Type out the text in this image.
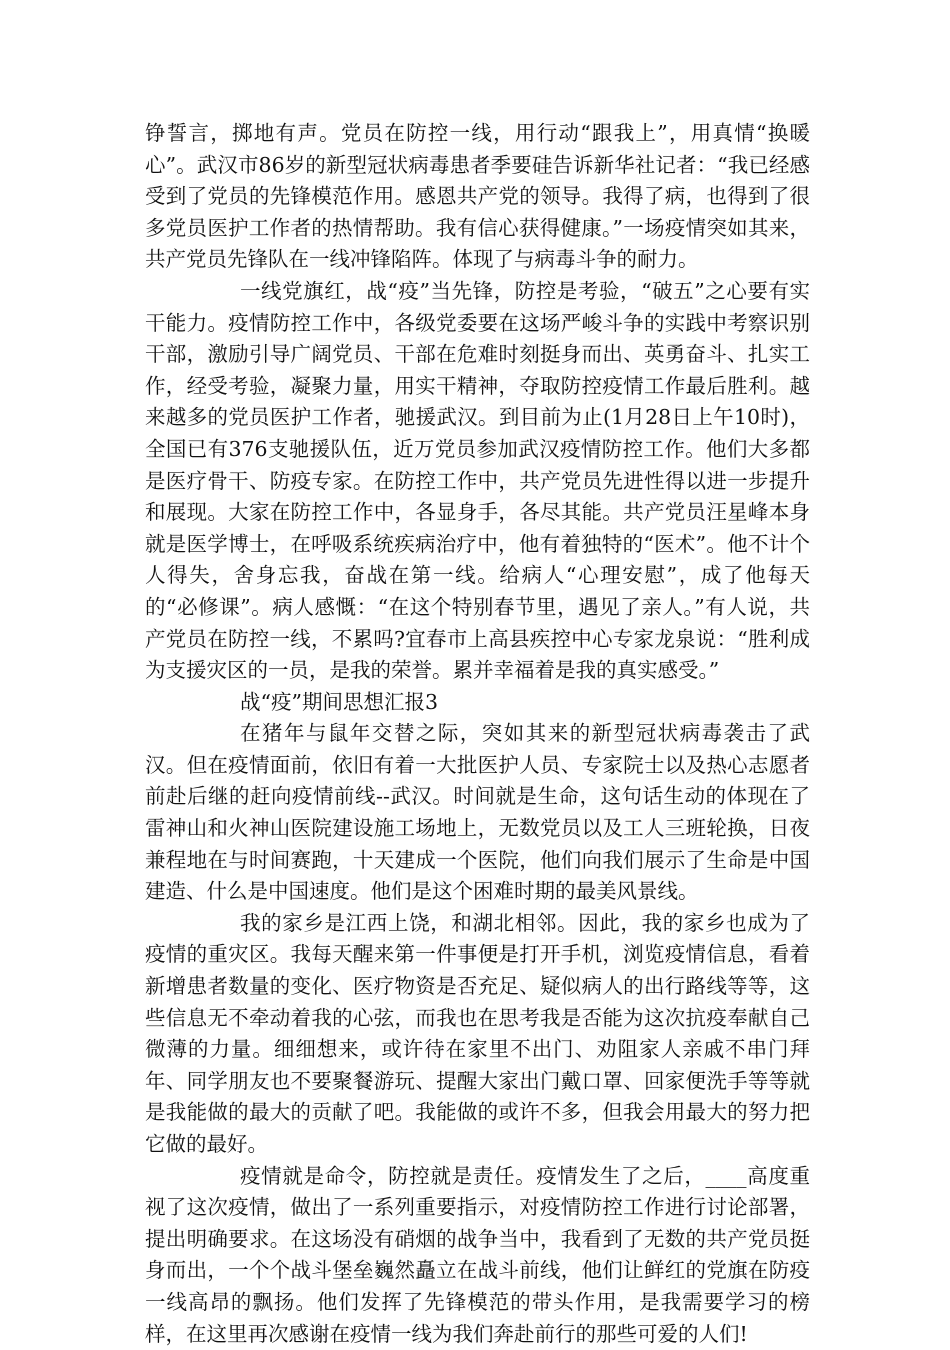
铮誓言，掷地有声。党员在防控一线，用行动“跟我上”，用真情“换暖心”。武汉市86岁的新型冠状病毒患者季要硅告诉新华社记者：“我已经感受到了党员的先锋模范作用。感恩共产党的领导。我得了病，也得到了很多党员医护工作者的热情帮助。我有信心获得健康。”一场疫情突如其来，共产党员先锋队在一线冲锋陷阵。体现了与病毒斗争的耐力。

一线党旗红，战“疫”当先锋，防控是考验，“破五”之心要有实干能力。疫情防控工作中，各级党委要在这场严峻斗争的实践中考察识别干部，激励引导广阔党员、干部在危难时刻挺身而出、英勇奋斗、扎实工作，经受考验，凝聚力量，用实干精神，夺取防控疫情工作最后胜利。越来越多的党员医护工作者，驰援武汉。到目前为止(1月28日上午10时)，全国已有376支驰援队伍，近万党员参加武汉疫情防控工作。他们大多都是医疗骨干、防疫专家。在防控工作中，共产党员先进性得以进一步提升和展现。大家在防控工作中，各显身手，各尽其能。共产党员汪星峰本身就是医学博士，在呼吸系统疾病治疗中，他有着独特的“医术”。他不计个人得失，舍身忘我，奋战在第一线。给病人“心理安慰”，成了他每天的“必修课”。病人感慨：“在这个特别春节里，遇见了亲人。”有人说，共产党员在防控一线，不累吗?宜春市上高县疾控中心专家龙泉说：“胜利成为支援灾区的一员，是我的荣誉。累并幸福着是我的真实感受。”

战“疫”期间思想汇报3

在猪年与鼠年交替之际，突如其来的新型冠状病毒袭击了武汉。但在疫情面前，依旧有着一大批医护人员、专家院士以及热心志愿者前赴后继的赶向疫情前线--武汉。时间就是生命，这句话生动的体现在了雷神山和火神山医院建设施工场地上，无数党员以及工人三班轮换，日夜兼程地在与时间赛跑，十天建成一个医院，他们向我们展示了生命是中国建造、什么是中国速度。他们是这个困难时期的最美风景线。

我的家乡是江西上饶，和湖北相邻。因此，我的家乡也成为了疫情的重灾区。我每天醒来第一件事便是打开手机，浏览疫情信息，看着新增患者数量的变化、医疗物资是否充足、疑似病人的出行路线等等，这些信息无不牵动着我的心弦，而我也在思考我是否能为这次抗疫奉献自己微薄的力量。细细想来，或许待在家里不出门、劝阻家人亲戚不串门拜年、同学朋友也不要聚餐游玩、提醒大家出门戴口罩、回家便洗手等等就是我能做的最大的贡献了吧。我能做的或许不多，但我会用最大的努力把它做的最好。

疫情就是命令，防控就是责任。疫情发生了之后，____高度重视了这次疫情，做出了一系列重要指示，对疫情防控工作进行讨论部署，提出明确要求。在这场没有硝烟的战争当中，我看到了无数的共产党员挺身而出，一个个战斗堡垒巍然矗立在战斗前线，他们让鲜红的党旗在防疫一线高昂的飘扬。他们发挥了先锋模范的带头作用，是我需要学习的榜样，在这里再次感谢在疫情一线为我们奔赴前行的那些可爱的人们!
